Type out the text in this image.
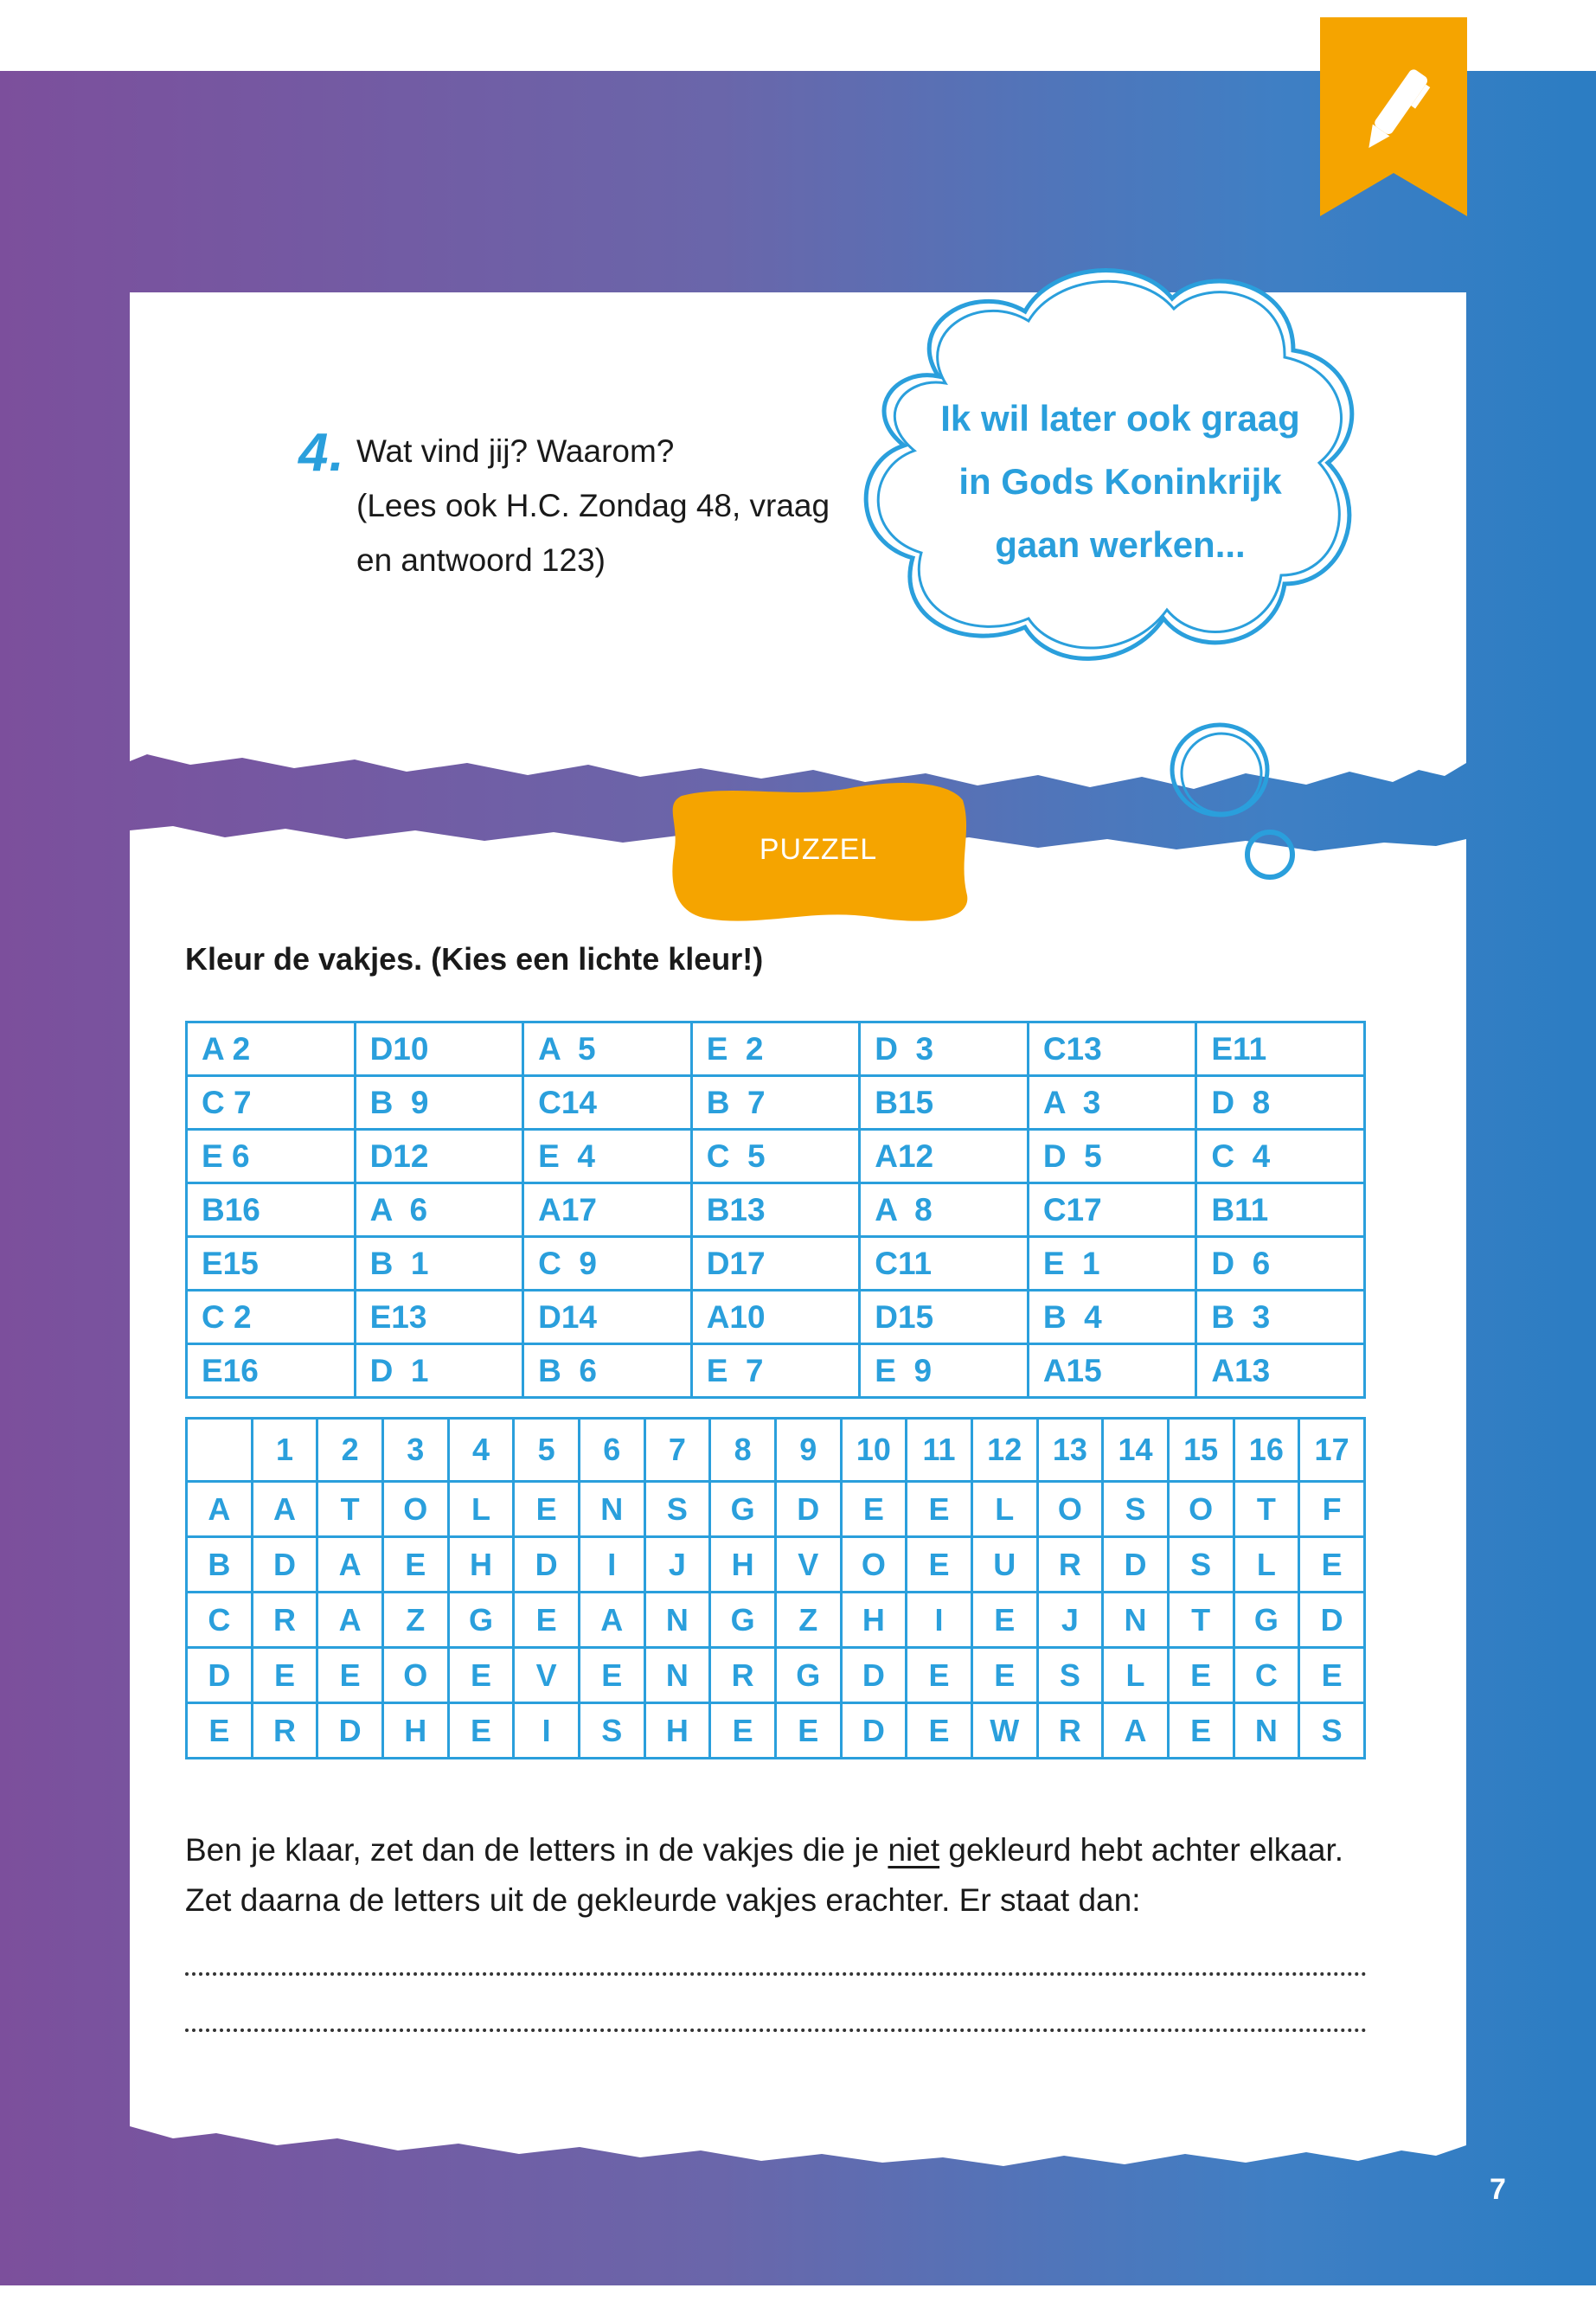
4. Wat vind jij? Waarom?
(Lees ook H.C. Zondag 48, vraag
en antwoord 123)
Ik wil later ook graag
in Gods Koninkrijk
gaan werken...
PUZZEL
Kleur de vakjes. (Kies een lichte kleur!)
A 2	D10	A  5	E  2	D  3	C13	E11
C 7	B  9	C14	B  7	B15	A  3	D  8
E 6	D12	E  4	C  5	A12	D  5	C  4
B16	A  6	A17	B13	A  8	C17	B11
E15	B  1	C  9	D17	C11	E  1	D  6
C 2	E13	D14	A10	D15	B  4	B  3
E16	D  1	B  6	E  7	E  9	A15	A13
	1	2	3	4	5	6	7	8	9	10	11	12	13	14	15	16	17
A	A	T	O	L	E	N	S	G	D	E	E	L	O	S	O	T	F
B	D	A	E	H	D	I	J	H	V	O	E	U	R	D	S	L	E
C	R	A	Z	G	E	A	N	G	Z	H	I	E	J	N	T	G	D
D	E	E	O	E	V	E	N	R	G	D	E	E	S	L	E	C	E
E	R	D	H	E	I	S	H	E	E	D	E	W	R	A	E	N	S
Ben je klaar, zet dan de letters in de vakjes die je niet gekleurd hebt achter elkaar. Zet daarna de letters uit de gekleurde vakjes erachter. Er staat dan:
7
